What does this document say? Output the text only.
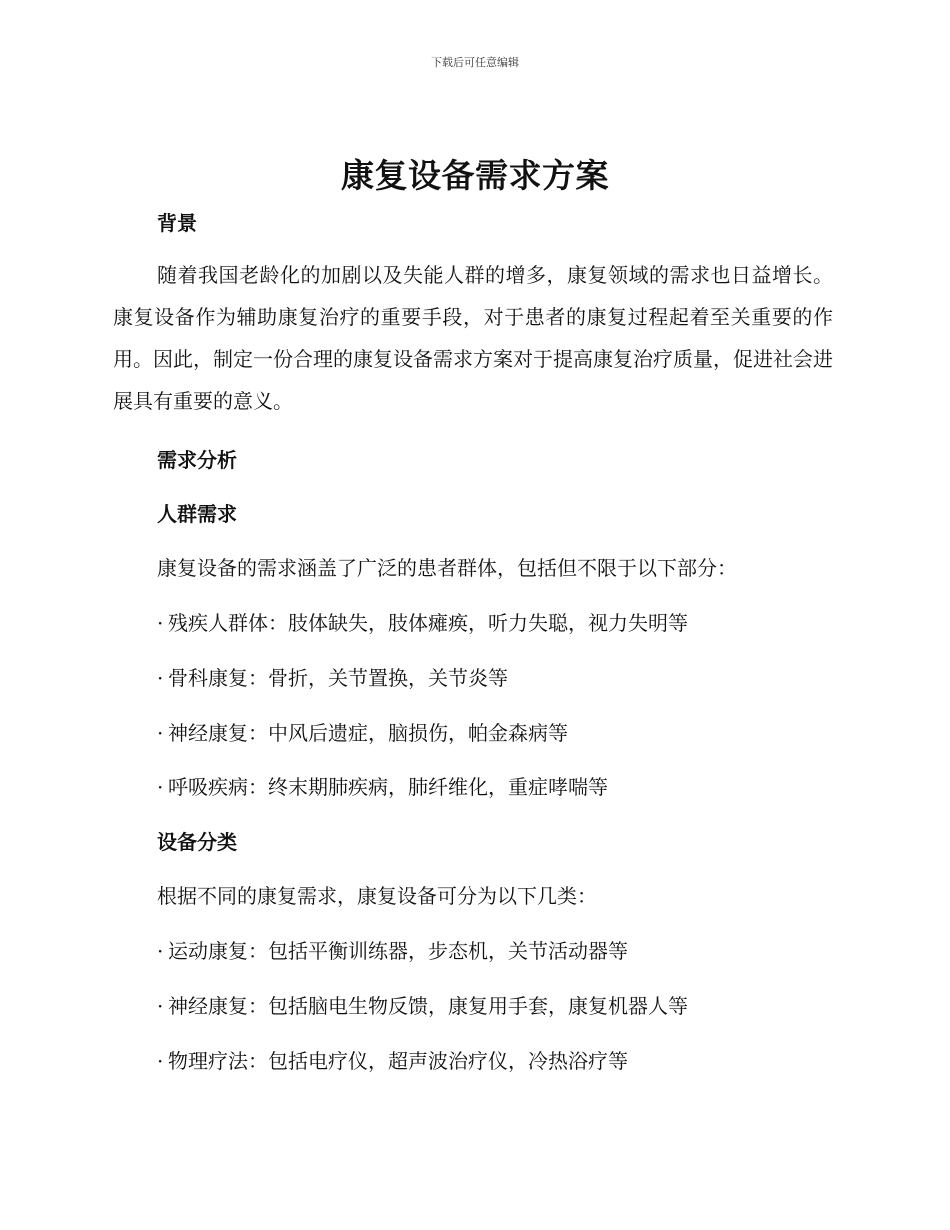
下载后可任意编辑
康复设备需求方案
背景

随着我国老龄化的加剧以及失能人群的增多，康复领域的需求也日益增长。康复设备作为辅助康复治疗的重要手段，对于患者的康复过程起着至关重要的作用。因此，制定一份合理的康复设备需求方案对于提高康复治疗质量，促进社会进展具有重要的意义。

需求分析
人群需求

康复设备的需求涵盖了广泛的患者群体，包括但不限于以下部分：

· 残疾人群体：肢体缺失，肢体瘫痪，听力失聪，视力失明等

· 骨科康复：骨折，关节置换，关节炎等

· 神经康复：中风后遗症，脑损伤，帕金森病等

· 呼吸疾病：终末期肺疾病，肺纤维化，重症哮喘等

设备分类

根据不同的康复需求，康复设备可分为以下几类：

· 运动康复：包括平衡训练器，步态机，关节活动器等

· 神经康复：包括脑电生物反馈，康复用手套，康复机器人等

· 物理疗法：包括电疗仪，超声波治疗仪，冷热浴疗等
